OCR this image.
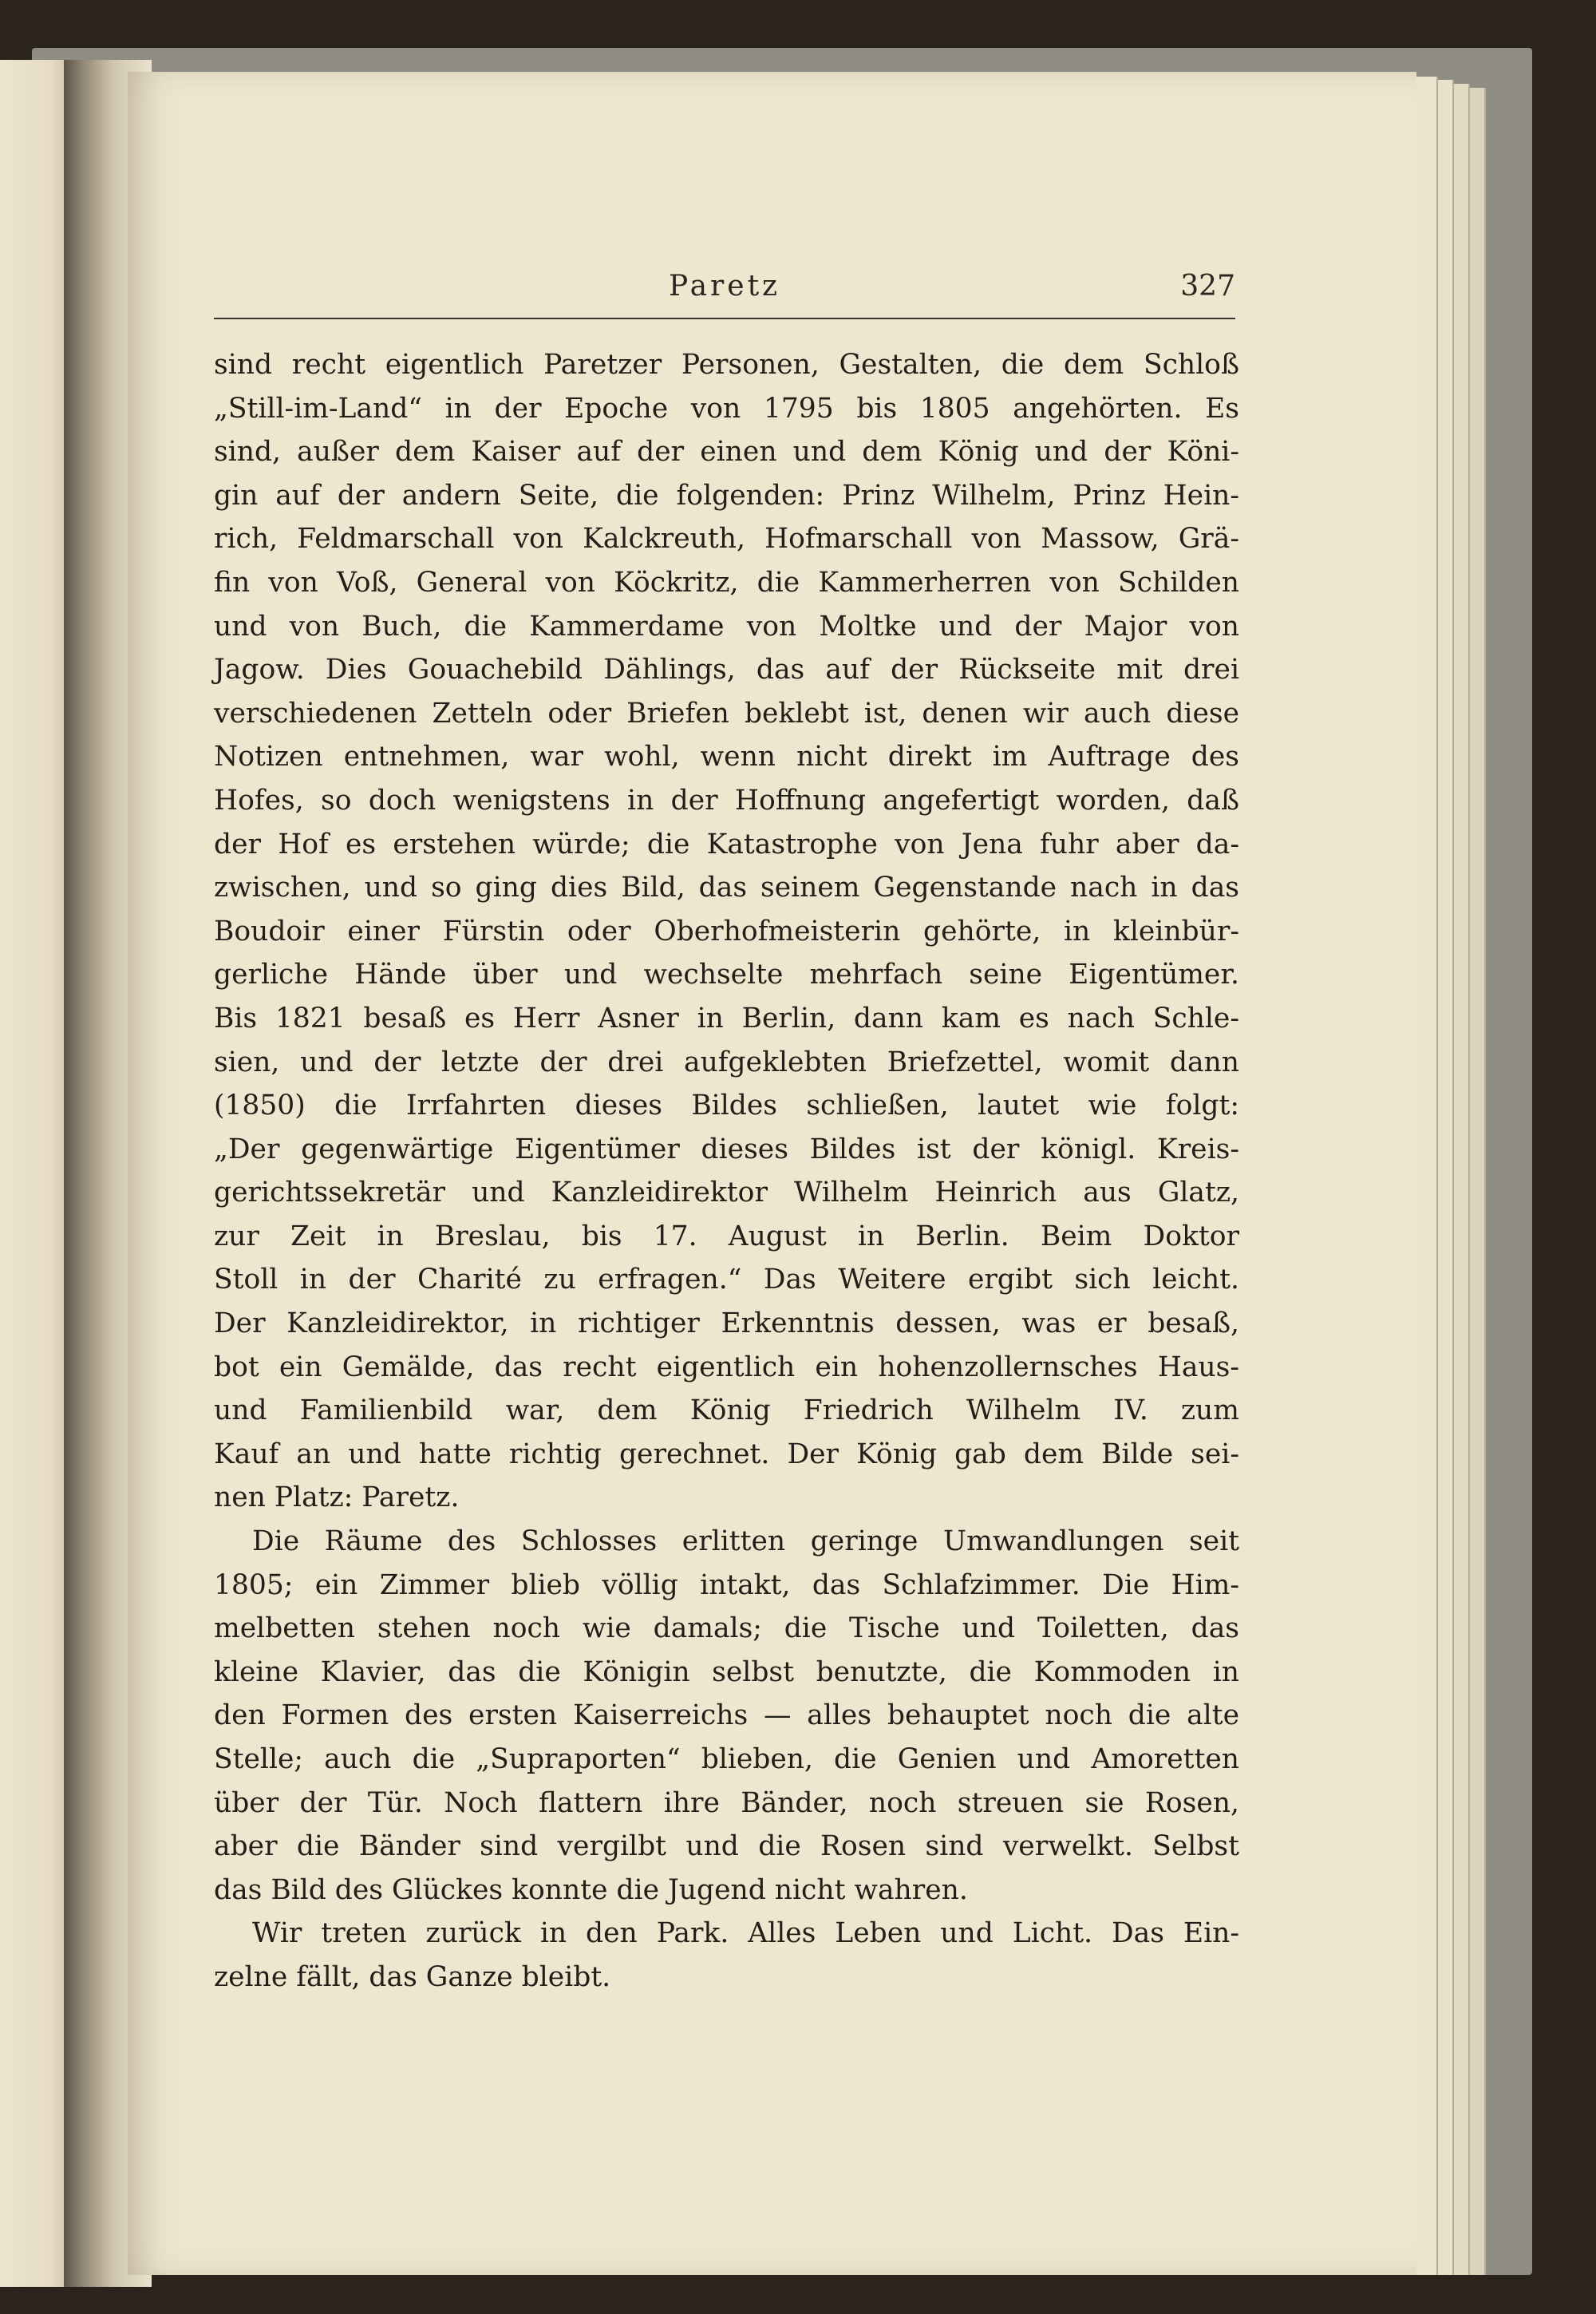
Paretz	327
sind recht eigentlich Paretzer Personen, Gestalten, die dem Schloß
„Still-im-Land“ in der Epoche von 1795 bis 1805 angehörten. Es
sind, außer dem Kaiser auf der einen und dem König und der Köni-
gin auf der andern Seite, die folgenden: Prinz Wilhelm, Prinz Hein-
rich, Feldmarschall von Kalckreuth, Hofmarschall von Massow, Grä-
fin von Voß, General von Köckritz, die Kammerherren von Schilden
und von Buch, die Kammerdame von Moltke und der Major von
Jagow. Dies Gouachebild Dählings, das auf der Rückseite mit drei
verschiedenen Zetteln oder Briefen beklebt ist, denen wir auch diese
Notizen entnehmen, war wohl, wenn nicht direkt im Auftrage des
Hofes, so doch wenigstens in der Hoffnung angefertigt worden, daß
der Hof es erstehen würde; die Katastrophe von Jena fuhr aber da-
zwischen, und so ging dies Bild, das seinem Gegenstande nach in das
Boudoir einer Fürstin oder Oberhofmeisterin gehörte, in kleinbür-
gerliche Hände über und wechselte mehrfach seine Eigentümer.
Bis 1821 besaß es Herr Asner in Berlin, dann kam es nach Schle-
sien, und der letzte der drei aufgeklebten Briefzettel, womit dann
(1850) die Irrfahrten dieses Bildes schließen, lautet wie folgt:
„Der gegenwärtige Eigentümer dieses Bildes ist der königl. Kreis-
gerichtssekretär und Kanzleidirektor Wilhelm Heinrich aus Glatz,
zur Zeit in Breslau, bis 17. August in Berlin. Beim Doktor
Stoll in der Charité zu erfragen.“ Das Weitere ergibt sich leicht.
Der Kanzleidirektor, in richtiger Erkenntnis dessen, was er besaß,
bot ein Gemälde, das recht eigentlich ein hohenzollernsches Haus-
und Familienbild war, dem König Friedrich Wilhelm IV. zum
Kauf an und hatte richtig gerechnet. Der König gab dem Bilde sei-
nen Platz: Paretz.
Die Räume des Schlosses erlitten geringe Umwandlungen seit
1805; ein Zimmer blieb völlig intakt, das Schlafzimmer. Die Him-
melbetten stehen noch wie damals; die Tische und Toiletten, das
kleine Klavier, das die Königin selbst benutzte, die Kommoden in
den Formen des ersten Kaiserreichs — alles behauptet noch die alte
Stelle; auch die „Supraporten“ blieben, die Genien und Amoretten
über der Tür. Noch flattern ihre Bänder, noch streuen sie Rosen,
aber die Bänder sind vergilbt und die Rosen sind verwelkt. Selbst
das Bild des Glückes konnte die Jugend nicht wahren.
Wir treten zurück in den Park. Alles Leben und Licht. Das Ein-
zelne fällt, das Ganze bleibt.
